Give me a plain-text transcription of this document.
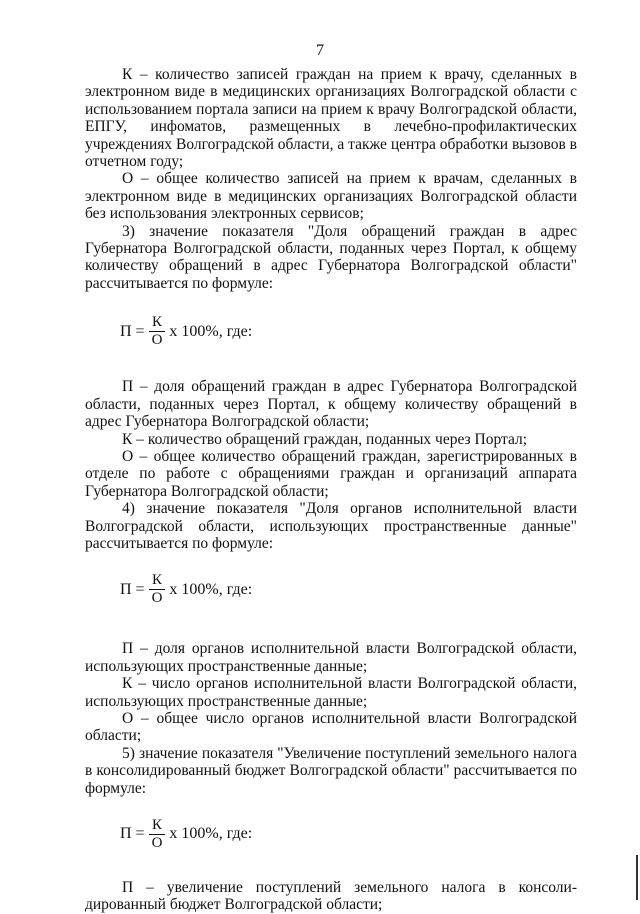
7

К – количество записей граждан на прием к врачу, сделанных в электронном виде в медицинских организациях Волгоградской области с использованием портала записи на прием к врачу Волгоградской области, ЕПГУ, инфоматов, размещенных в лечебно-профилактических учреждениях Волгоградской области, а также центра обработки вызовов в отчетном году;

О – общее количество записей на прием к врачам, сделанных в электронном виде в медицинских организациях Волгоградской области без использования электронных сервисов;

3) значение показателя "Доля обращений граждан в адрес Губернатора Волгоградской области, поданных через Портал, к общему количеству обращений в адрес Губернатора Волгоградской области" рассчитывается по формуле:

$П = \frac{К}{О}$ х 100%, где:

П – доля обращений граждан в адрес Губернатора Волгоградской области, поданных через Портал, к общему количеству обращений в адрес Губернатора Волгоградской области;

К – количество обращений граждан, поданных через Портал;

О – общее количество обращений граждан, зарегистрированных в отделе по работе с обращениями граждан и организаций аппарата Губернатора Волгоградской области;

4) значение показателя "Доля органов исполнительной власти Волгоградской области, использующих пространственные данные" рассчитывается по формуле:

$П = \frac{К}{О}$ х 100%, где:

П – доля органов исполнительной власти Волгоградской области, использующих пространственные данные;

К – число органов исполнительной власти Волгоградской области, использующих пространственные данные;

О – общее число органов исполнительной власти Волгоградской области;

5) значение показателя "Увеличение поступлений земельного налога в консолидированный бюджет Волгоградской области" рассчитывается по формуле:

$П = \frac{К}{О}$ х 100%, где:

П – увеличение поступлений земельного налога в консоли-дированный бюджет Волгоградской области;
